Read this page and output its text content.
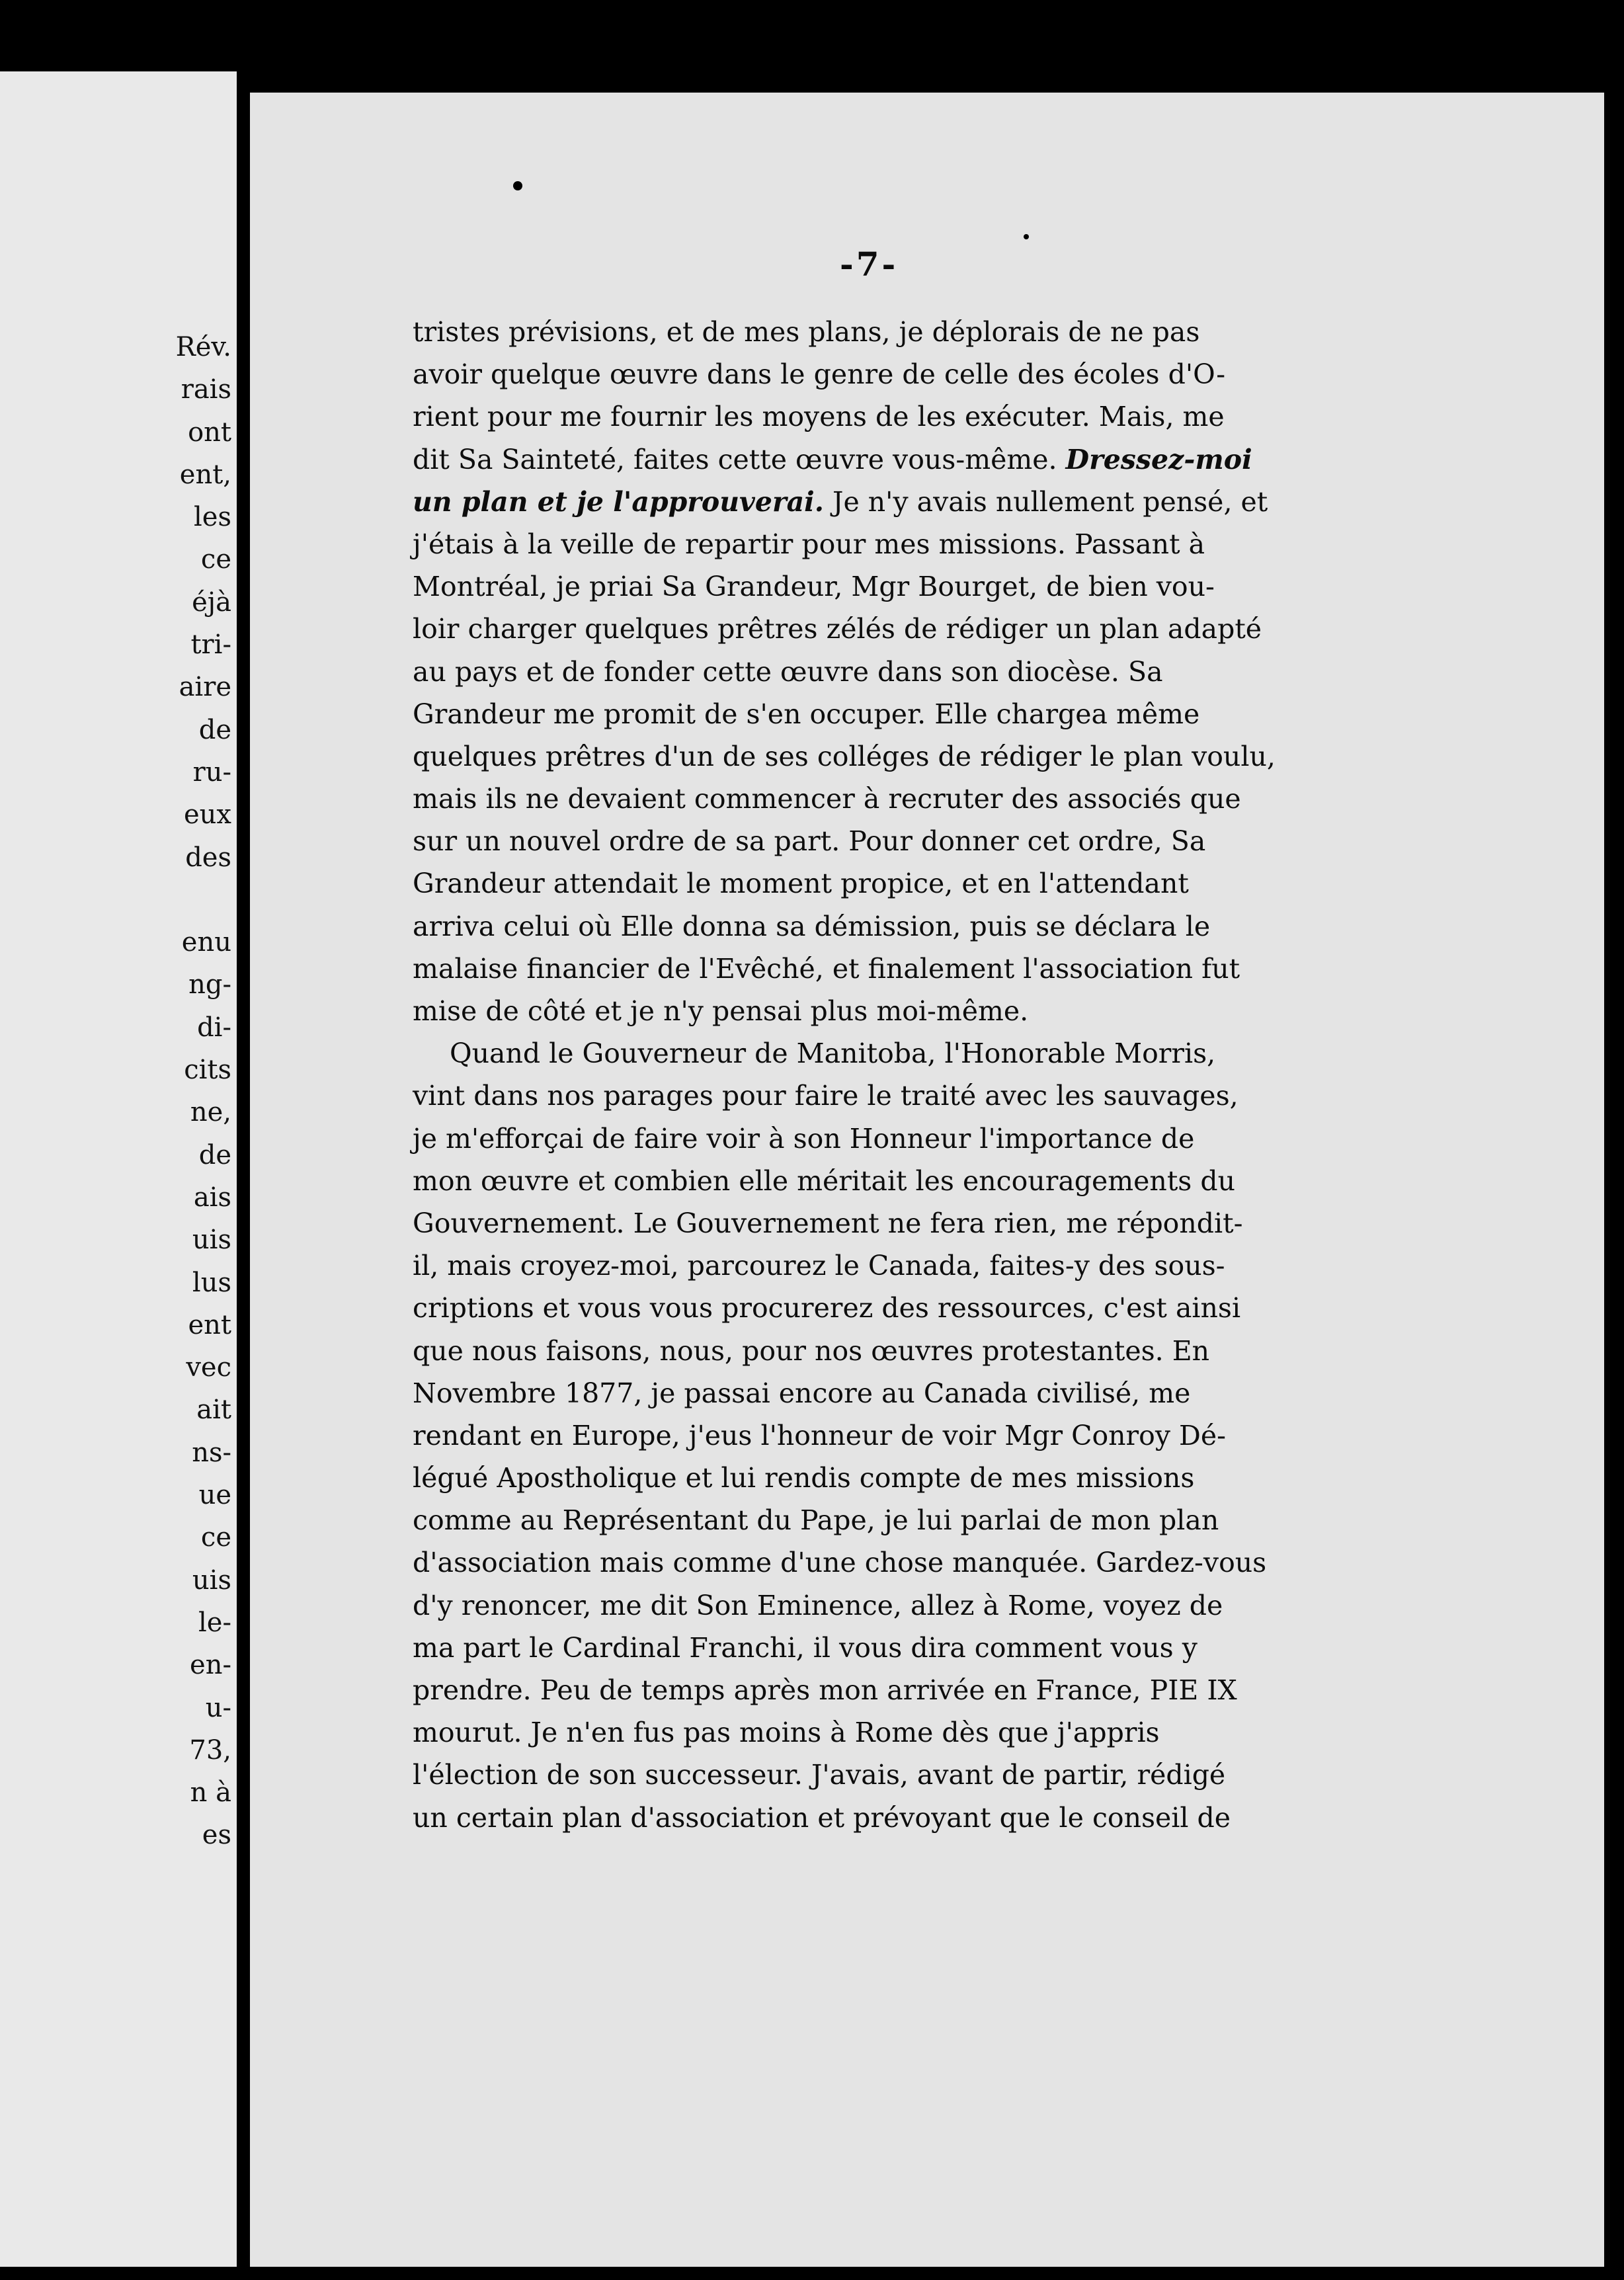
Rév.
rais
ont
ent,
les
ce
éjà
tri-
aire
de
ru-
eux
des
enu
ng-
di-
cits
ne,
de
ais
uis
lus
ent
vec
ait
ns-
ue
ce
uis
le-
en-
u-
73,
n à
es
-7-
tristes prévisions, et de mes plans, je déplorais de ne pas
avoir quelque œuvre dans le genre de celle des écoles d'O-
rient pour me fournir les moyens de les exécuter. Mais, me
dit Sa Sainteté, faites cette œuvre vous-même. Dressez-moi
un plan et je l'approuverai. Je n'y avais nullement pensé, et
j'étais à la veille de repartir pour mes missions. Passant à
Montréal, je priai Sa Grandeur, Mgr Bourget, de bien vou-
loir charger quelques prêtres zélés de rédiger un plan adapté
au pays et de fonder cette œuvre dans son diocèse. Sa
Grandeur me promit de s'en occuper. Elle chargea même
quelques prêtres d'un de ses colléges de rédiger le plan voulu,
mais ils ne devaient commencer à recruter des associés que
sur un nouvel ordre de sa part. Pour donner cet ordre, Sa
Grandeur attendait le moment propice, et en l'attendant
arriva celui où Elle donna sa démission, puis se déclara le
malaise financier de l'Evêché, et finalement l'association fut
mise de côté et je n'y pensai plus moi-même.
Quand le Gouverneur de Manitoba, l'Honorable Morris,
vint dans nos parages pour faire le traité avec les sauvages,
je m'efforçai de faire voir à son Honneur l'importance de
mon œuvre et combien elle méritait les encouragements du
Gouvernement. Le Gouvernement ne fera rien, me répondit-
il, mais croyez-moi, parcourez le Canada, faites-y des sous-
criptions et vous vous procurerez des ressources, c'est ainsi
que nous faisons, nous, pour nos œuvres protestantes. En
Novembre 1877, je passai encore au Canada civilisé, me
rendant en Europe, j'eus l'honneur de voir Mgr Conroy Dé-
légué Apostholique et lui rendis compte de mes missions
comme au Représentant du Pape, je lui parlai de mon plan
d'association mais comme d'une chose manquée. Gardez-vous
d'y renoncer, me dit Son Eminence, allez à Rome, voyez de
ma part le Cardinal Franchi, il vous dira comment vous y
prendre. Peu de temps après mon arrivée en France, PIE IX
mourut. Je n'en fus pas moins à Rome dès que j'appris
l'élection de son successeur. J'avais, avant de partir, rédigé
un certain plan d'association et prévoyant que le conseil de
